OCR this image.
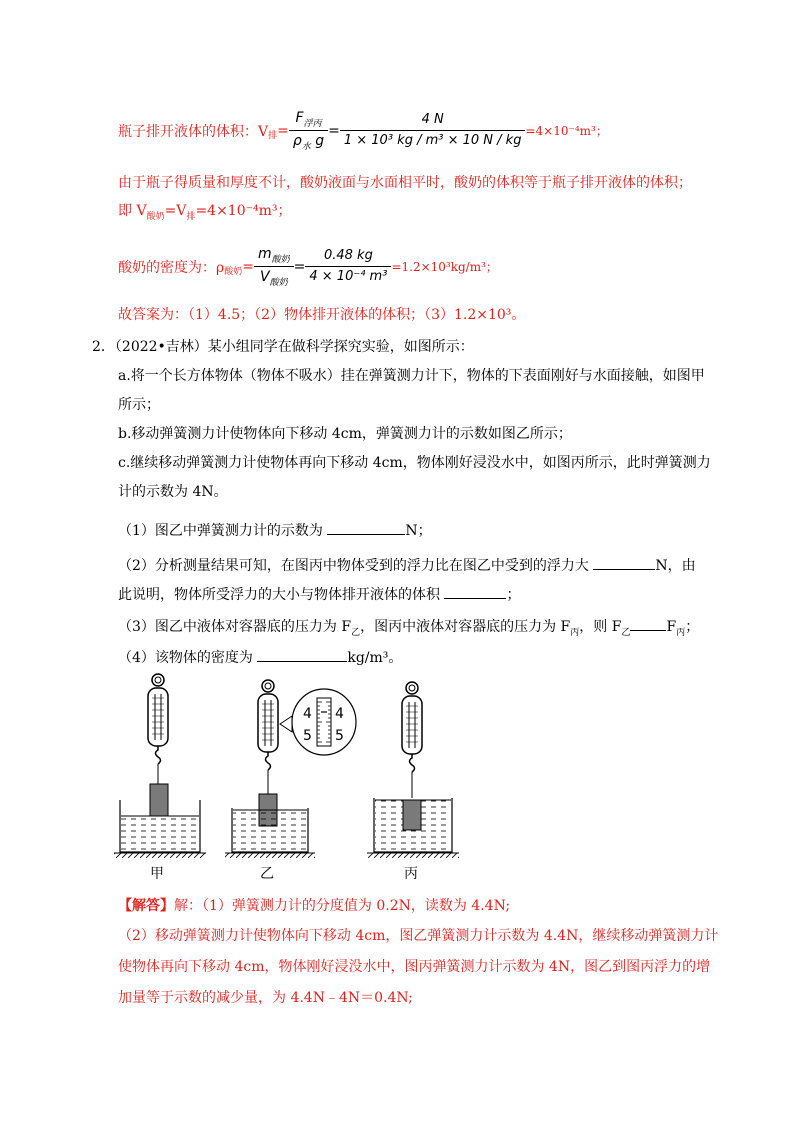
瓶子排开液体的体积：V 排 = $\frac{F_{浮丙}}{\rho_水 g} = \frac{4 N}{\text{1 × 10³ kg / m³ × 10 N / kg}} =4\times 10^{-4}m^3$；
由于瓶子得质量和厚度不计，酸奶液面与水面相平时，酸奶的体积等于瓶子排开液体的体积；
即 $V_{酸奶}=V_排=4\times 10^{-4}m^3$；
酸奶的密度为：ρ 酸奶 = $\frac{m_{酸奶}}{V_{酸奶}} = \frac{0.48 kg}{\text{4 × 10⁻⁴ m³}} =1.2\times 10^3kg/m^3$；
故答案为：（1）4.5；（2）物体排开液体的体积；（3）1.2×10³。
2．（2022•吉林）某小组同学在做科学探究实验，如图所示：
a.将一个长方体物体（物体不吸水）挂在弹簧测力计下，物体的下表面刚好与水面接触，如图甲
所示；
b.移动弹簧测力计使物体向下移动 4cm，弹簧测力计的示数如图乙所示；
c.继续移动弹簧测力计使物体再向下移动 4cm，物体刚好浸没水中，如图丙所示，此时弹簧测力
计的示数为 4N。
（1）图乙中弹簧测力计的示数为	N；
（2）分析测量结果可知，在图丙中物体受到的浮力比在图乙中受到的浮力大	N，由
此说明，物体所受浮力的大小与物体排开液体的体积	；
（3）图乙中液体对容器底的压力为 $F_乙$，图丙中液体对容器底的压力为 $F_丙$，则 $F_乙$	$F_丙$；
（4）该物体的密度为	kg/m³。
4
5
4
5
甲	乙	丙
【解答】解：（1）弹簧测力计的分度值为 0.2N，读数为 4.4N;
（2）移动弹簧测力计使物体向下移动 4cm，图乙弹簧测力计示数为 4.4N，继续移动弹簧测力计
使物体再向下移动 4cm，物体刚好浸没水中，图丙弹簧测力计示数为 4N，图乙到图丙浮力的增
加量等于示数的减少量，为 4.4N﹣4N＝0.4N;
